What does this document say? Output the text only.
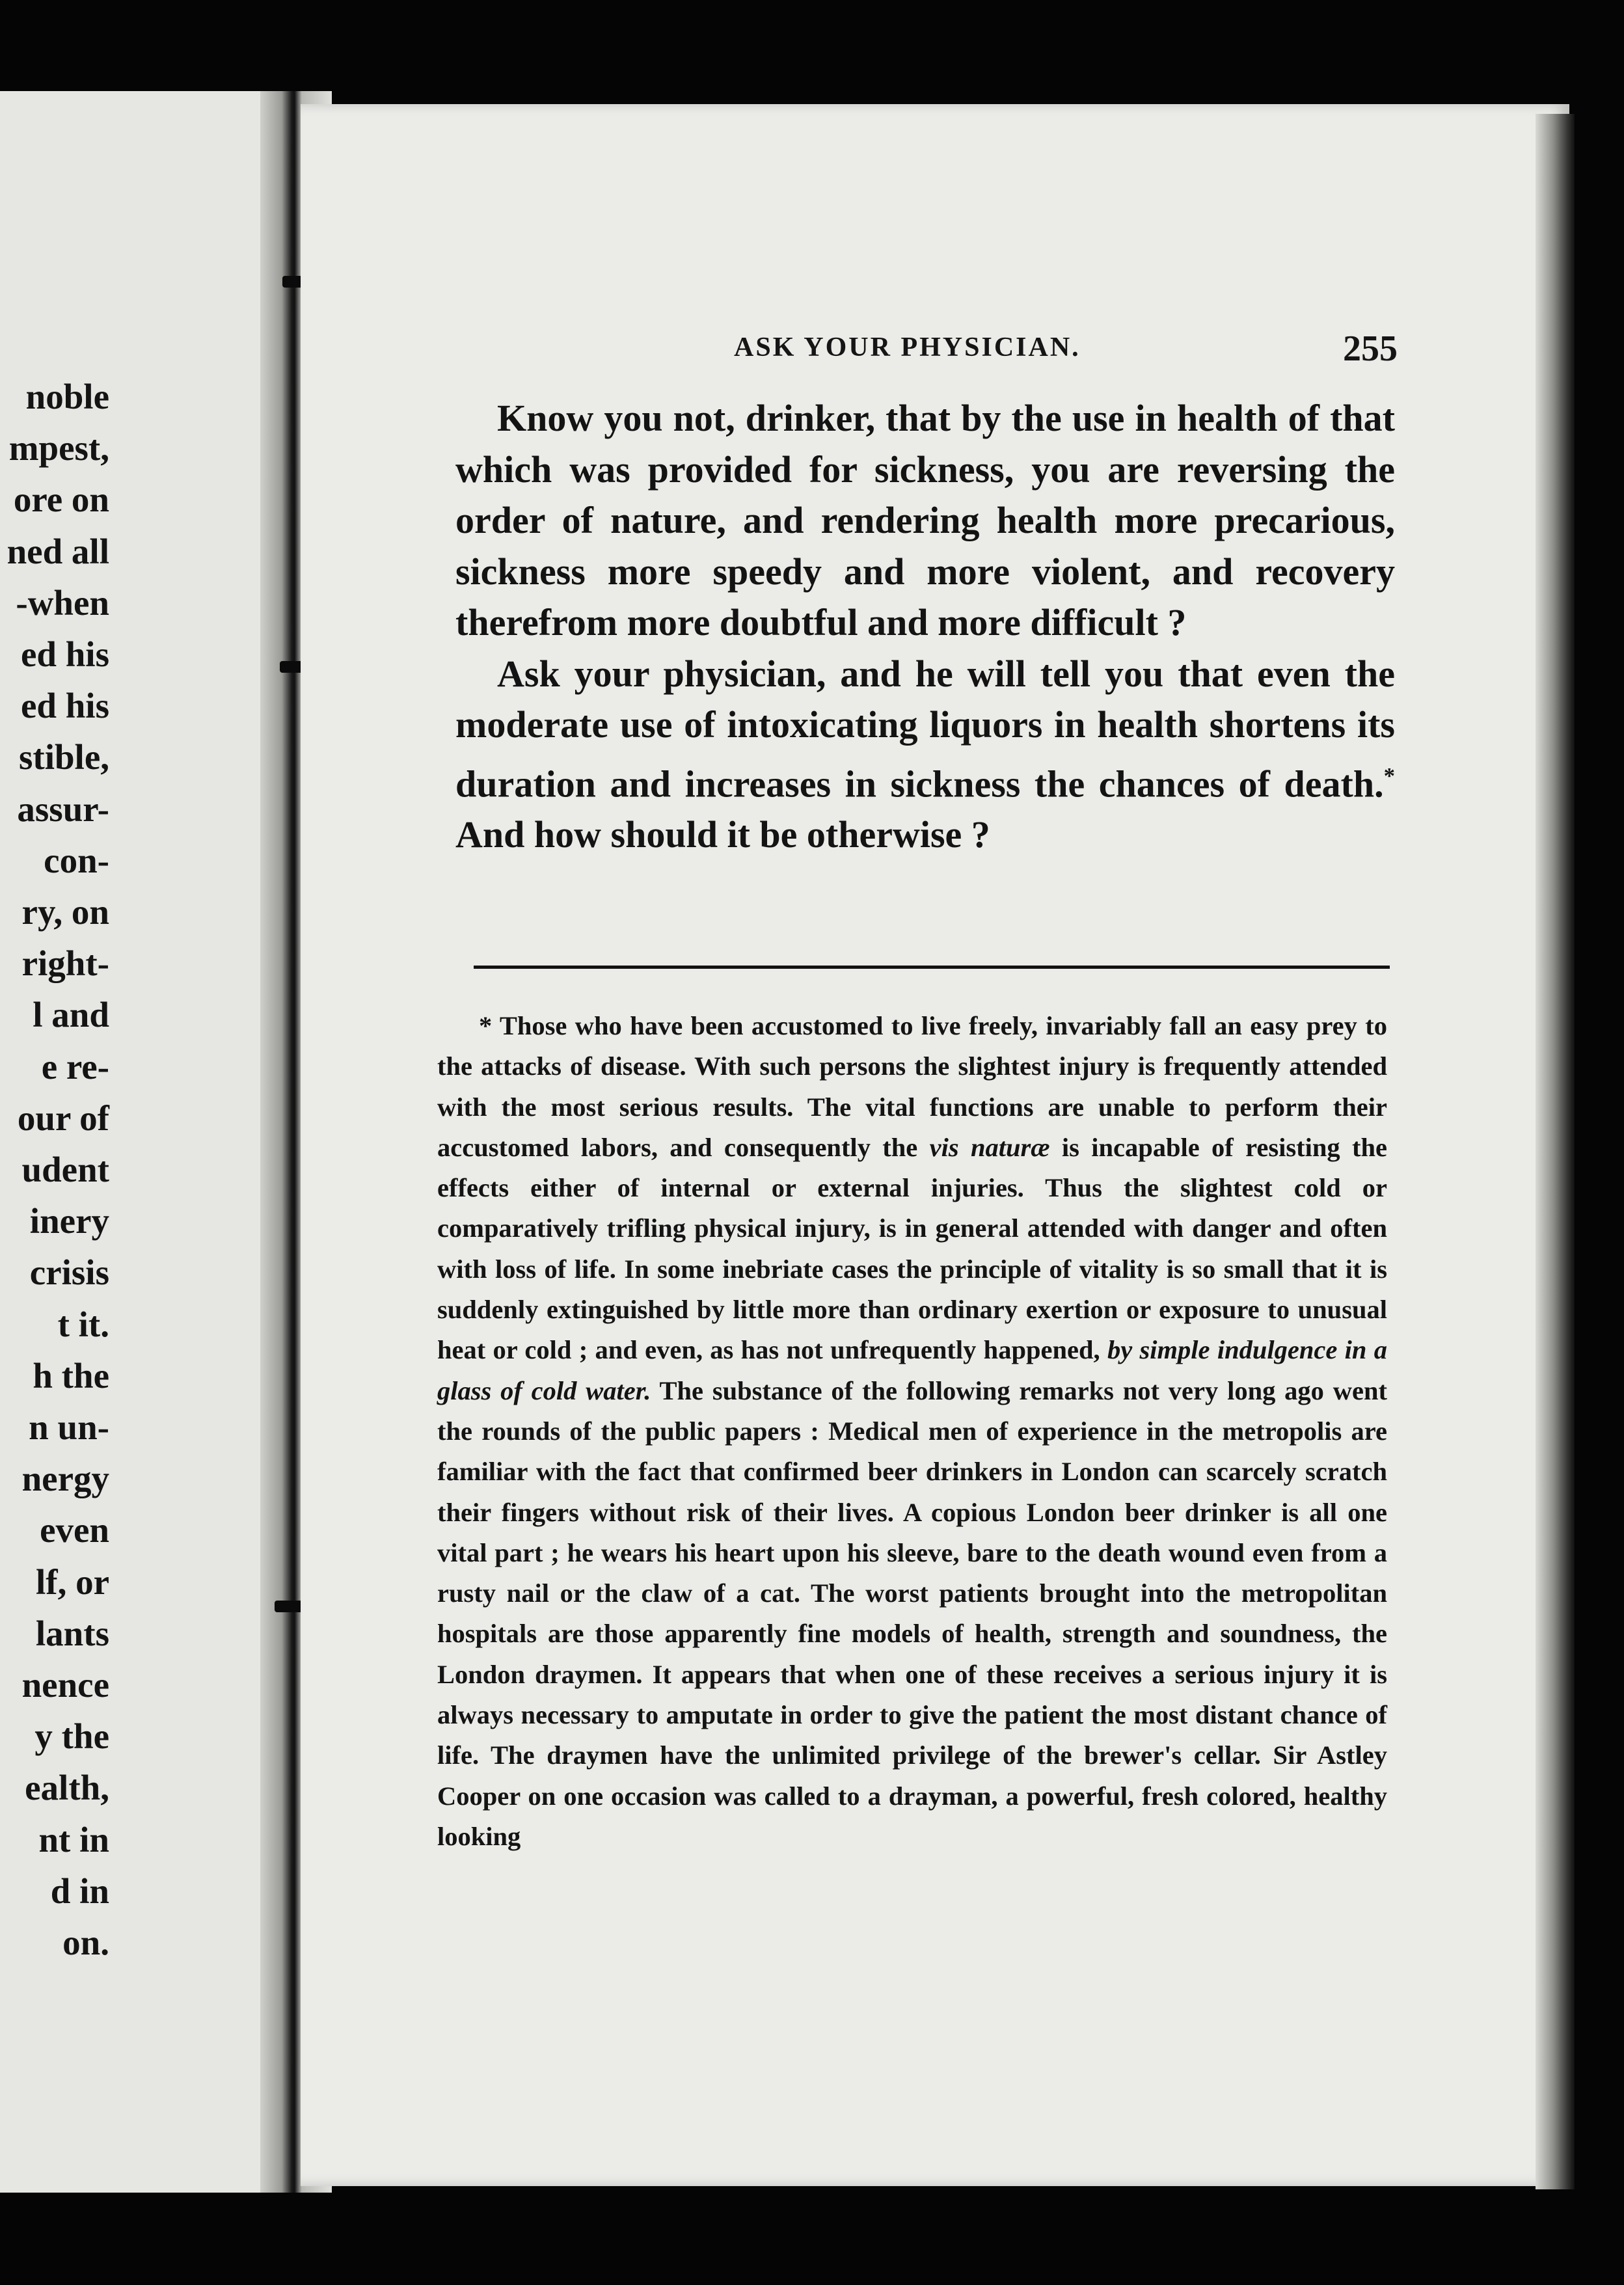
noble
mpest,
ore on
ned all
-when
ed his
ed his
stible,
assur-
con-
ry, on
right-
l and
e re-
our of
udent
inery
crisis
t it.
h the
n un-
nergy
even
lf, or
lants
nence
y the
ealth,
nt in
d in
on.
ASK YOUR PHYSICIAN.	255

Know you not, drinker, that by the use in health of that which was provided for sickness, you are reversing the order of nature, and rendering health more precarious, sickness more speedy and more violent, and recovery therefrom more doubtful and more difficult ?

Ask your physician, and he will tell you that even the moderate use of intoxicating liquors in health shortens its duration and increases in sickness the chances of death.* And how should it be otherwise ?

* Those who have been accustomed to live freely, invariably fall an easy prey to the attacks of disease. With such persons the slightest injury is frequently attended with the most serious results. The vital functions are unable to perform their accustomed labors, and consequently the vis naturæ is incapable of resisting the effects either of internal or external injuries. Thus the slightest cold or comparatively trifling physical injury, is in general attended with danger and often with loss of life. In some inebriate cases the principle of vitality is so small that it is suddenly extinguished by little more than ordinary exertion or exposure to unusual heat or cold ; and even, as has not unfrequently happened, by simple indulgence in a glass of cold water. The substance of the following remarks not very long ago went the rounds of the public papers : Medical men of experience in the metropolis are familiar with the fact that confirmed beer drinkers in London can scarcely scratch their fingers without risk of their lives. A copious London beer drinker is all one vital part ; he wears his heart upon his sleeve, bare to the death wound even from a rusty nail or the claw of a cat. The worst patients brought into the metropolitan hospitals are those apparently fine models of health, strength and soundness, the London draymen. It appears that when one of these receives a serious injury it is always necessary to amputate in order to give the patient the most distant chance of life. The draymen have the unlimited privilege of the brewer's cellar. Sir Astley Cooper on one occasion was called to a drayman, a powerful, fresh colored, healthy looking
